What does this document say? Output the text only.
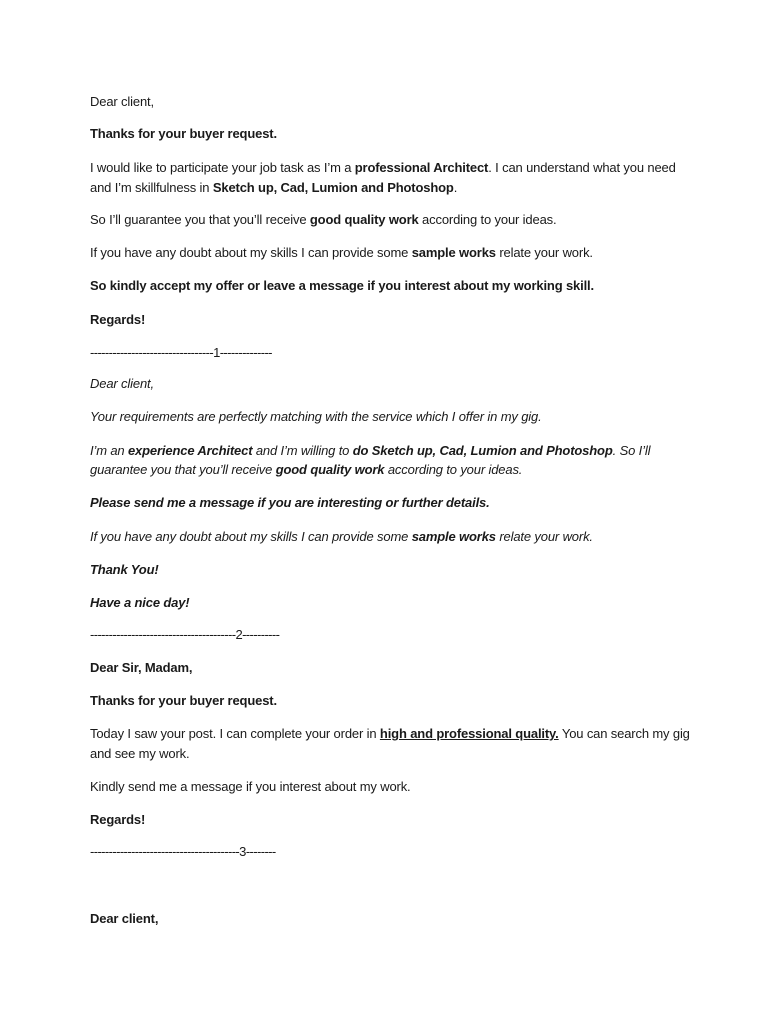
Dear client,
Thanks for your buyer request.
I would like to participate your job task as I’m a professional Architect. I can understand what you need
and I’m skillfulness in Sketch up, Cad, Lumion and Photoshop.
So I’ll guarantee you that you’ll receive good quality work according to your ideas.
If you have any doubt about my skills I can provide some sample works relate your work.
So kindly accept my offer or leave a message if you interest about my working skill.
Regards!
---------------------------------1--------------
Dear client,
Your requirements are perfectly matching with the service which I offer in my gig.
I’m an experience Architect and I’m willing to do Sketch up, Cad, Lumion and Photoshop. So I’ll
guarantee you that you’ll receive good quality work according to your ideas.
Please send me a message if you are interesting or further details.
If you have any doubt about my skills I can provide some sample works relate your work.
Thank You!
Have a nice day!
---------------------------------------2----------
Dear Sir, Madam,
Thanks for your buyer request.
Today I saw your post. I can complete your order in high and professional quality. You can search my gig
and see my work.
Kindly send me a message if you interest about my work.
Regards!
----------------------------------------3--------
Dear client,
